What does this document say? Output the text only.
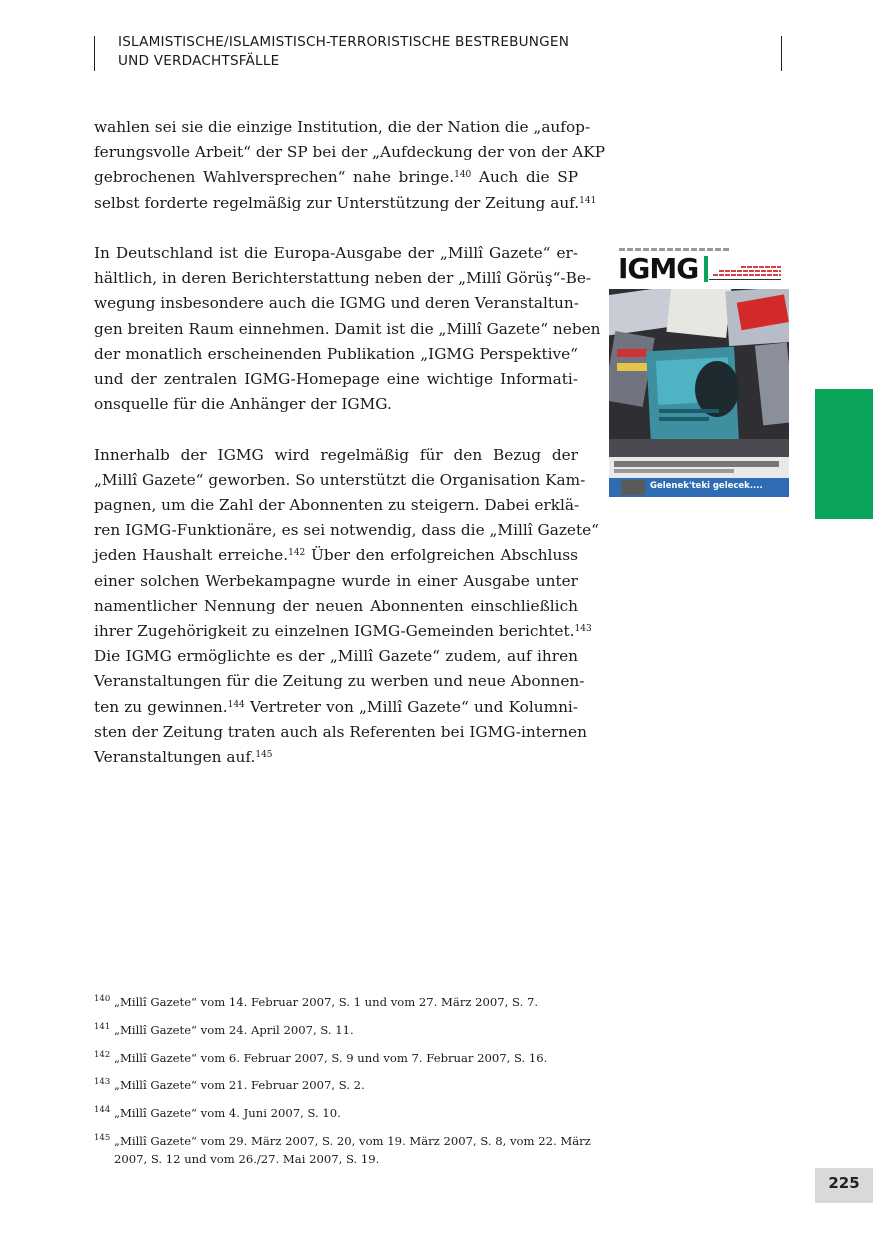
ISLAMISTISCHE/ISLAMISTISCH-TERRORISTISCHE BESTREBUNGEN
UND VERDACHTSFÄLLE
wahlen sei sie die einzige Institution, die der Nation die „aufop-
ferungsvolle Arbeit“ der SP bei der „Aufdeckung der von der AKP
gebrochenen Wahlversprechen“ nahe bringe.$^{140}$ Auch die SP
selbst forderte regelmäßig zur Unterstützung der Zeitung auf.$^{141}$
In Deutschland ist die Europa-Ausgabe der „Millî Gazete“ er-
hältlich, in deren Berichterstattung neben der „Millî Görüş“-Be-
wegung insbesondere auch die IGMG und deren Veranstaltun-
gen breiten Raum einnehmen. Damit ist die „Millî Gazete“ neben
der monatlich erscheinenden Publikation „IGMG Perspektive“
und der zentralen IGMG-Homepage eine wichtige Informati-
onsquelle für die Anhänger der IGMG.
Innerhalb der IGMG wird regelmäßig für den Bezug der
„Millî Gazete“ geworben. So unterstützt die Organisation Kam-
pagnen, um die Zahl der Abonnenten zu steigern. Dabei erklä-
ren IGMG-Funktionäre, es sei notwendig, dass die „Millî Gazete“
jeden Haushalt erreiche.$^{142}$ Über den erfolgreichen Abschluss
einer solchen Werbekampagne wurde in einer Ausgabe unter
namentlicher Nennung der neuen Abonnenten einschließlich
ihrer Zugehörigkeit zu einzelnen IGMG-Gemeinden berichtet.$^{143}$
Die IGMG ermöglichte es der „Millî Gazete“ zudem, auf ihren
Veranstaltungen für die Zeitung zu werben und neue Abonnen-
ten zu gewinnen.$^{144}$ Vertreter von „Millî Gazete“ und Kolumni-
sten der Zeitung traten auch als Referenten bei IGMG-internen
Veranstaltungen auf.$^{145}$
IGMG
Gelenek'teki gelecek....
140 „Millî Gazete“ vom 14. Februar 2007, S. 1 und vom 27. März 2007, S. 7.
141 „Millî Gazete“ vom 24. April 2007, S. 11.
142 „Millî Gazete“ vom 6. Februar 2007, S. 9 und vom 7. Februar 2007, S. 16.
143 „Millî Gazete“ vom 21. Februar 2007, S. 2.
144 „Millî Gazete“ vom 4. Juni 2007, S. 10.
145 „Millî Gazete“ vom 29. März 2007, S. 20, vom 19. März 2007, S. 8, vom 22. März
2007, S. 12 und vom 26./27. Mai 2007, S. 19.
225
